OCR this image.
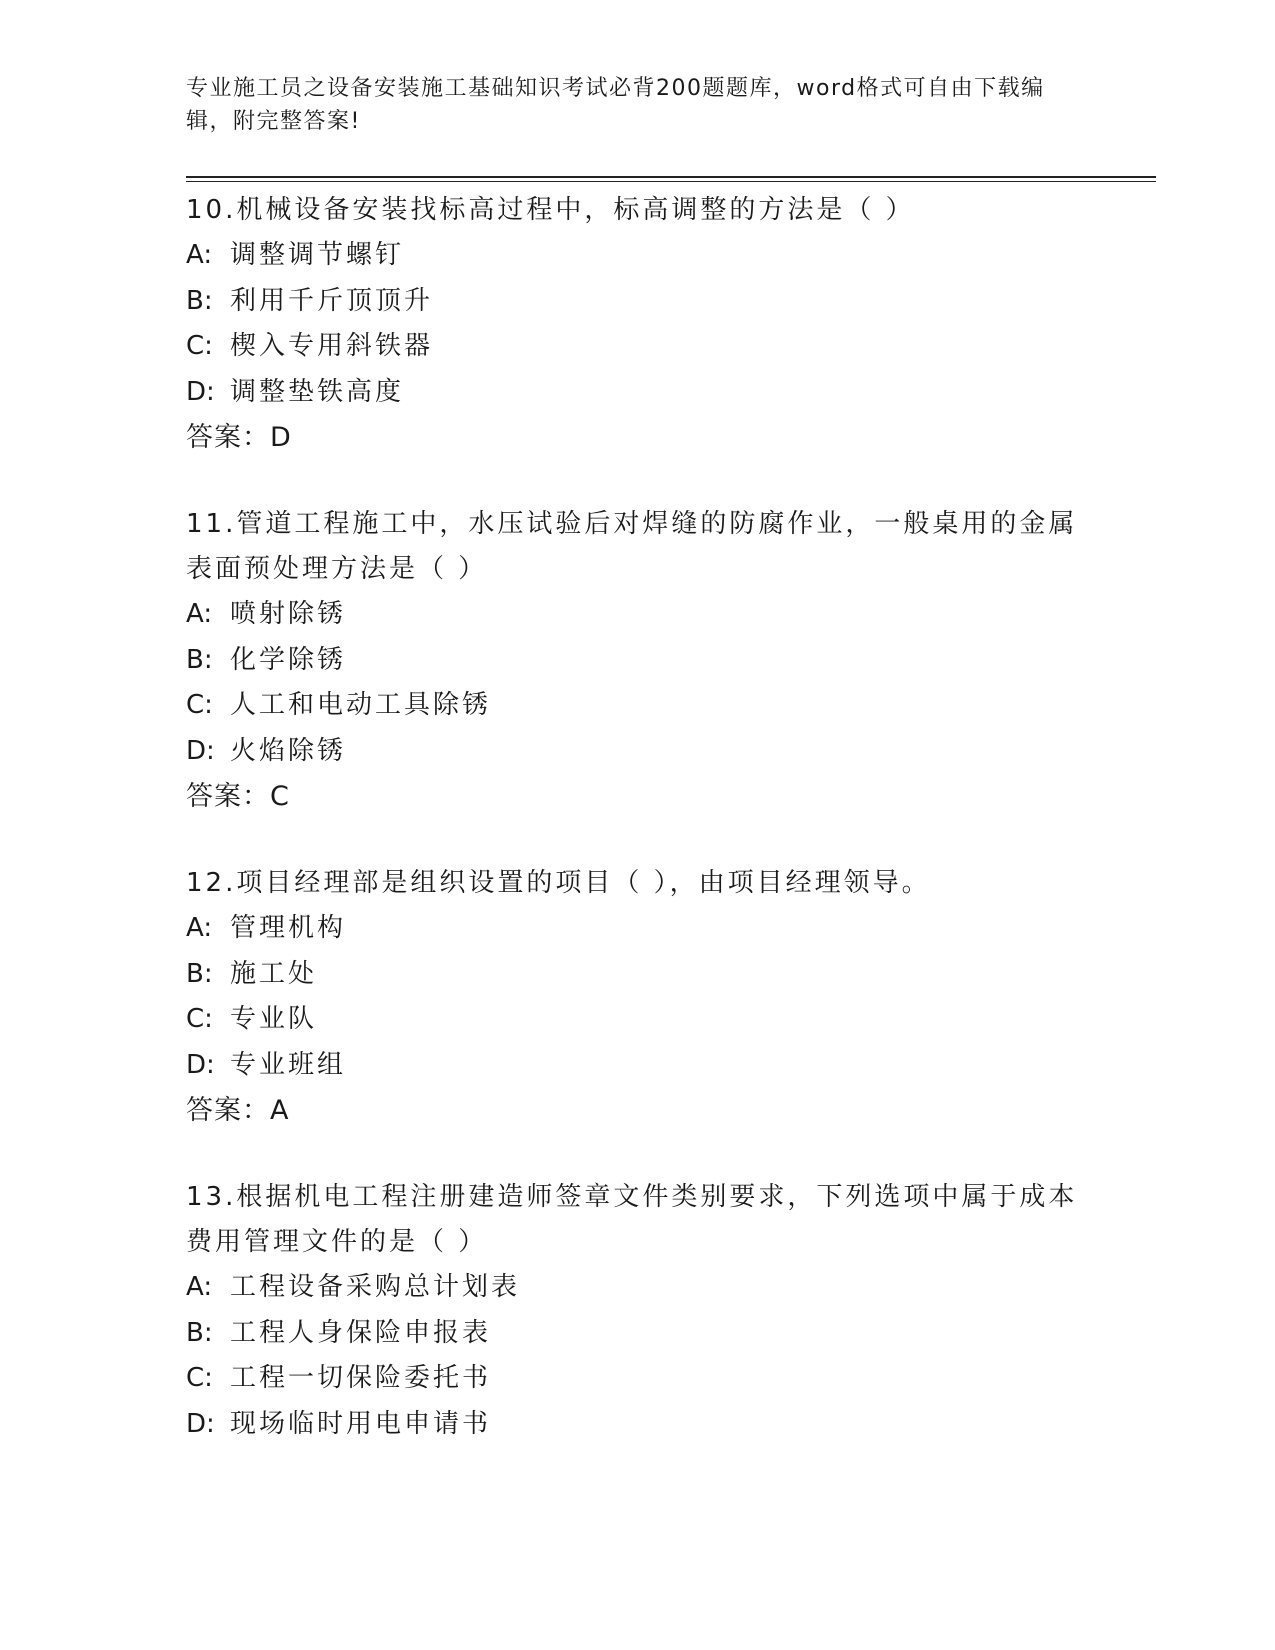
专业施工员之设备安装施工基础知识考试必背200题题库，word格式可自由下载编辑，附完整答案!

10.机械设备安装找标高过程中，标高调整的方法是（ ）

A: 调整调节螺钉

B: 利用千斤顶顶升

C: 楔入专用斜铁器

D: 调整垫铁高度

答案：D

11.管道工程施工中，水压试验后对焊缝的防腐作业，一般桌用的金属表面预处理方法是（ ）

A: 喷射除锈

B: 化学除锈

C: 人工和电动工具除锈

D: 火焰除锈

答案：C

12.项目经理部是组织设置的项目（ ），由项目经理领导。

A: 管理机构

B: 施工处

C: 专业队

D: 专业班组

答案：A

13.根据机电工程注册建造师签章文件类别要求，下列选项中属于成本费用管理文件的是（ ）

A: 工程设备采购总计划表

B: 工程人身保险申报表

C: 工程一切保险委托书

D: 现场临时用电申请书
